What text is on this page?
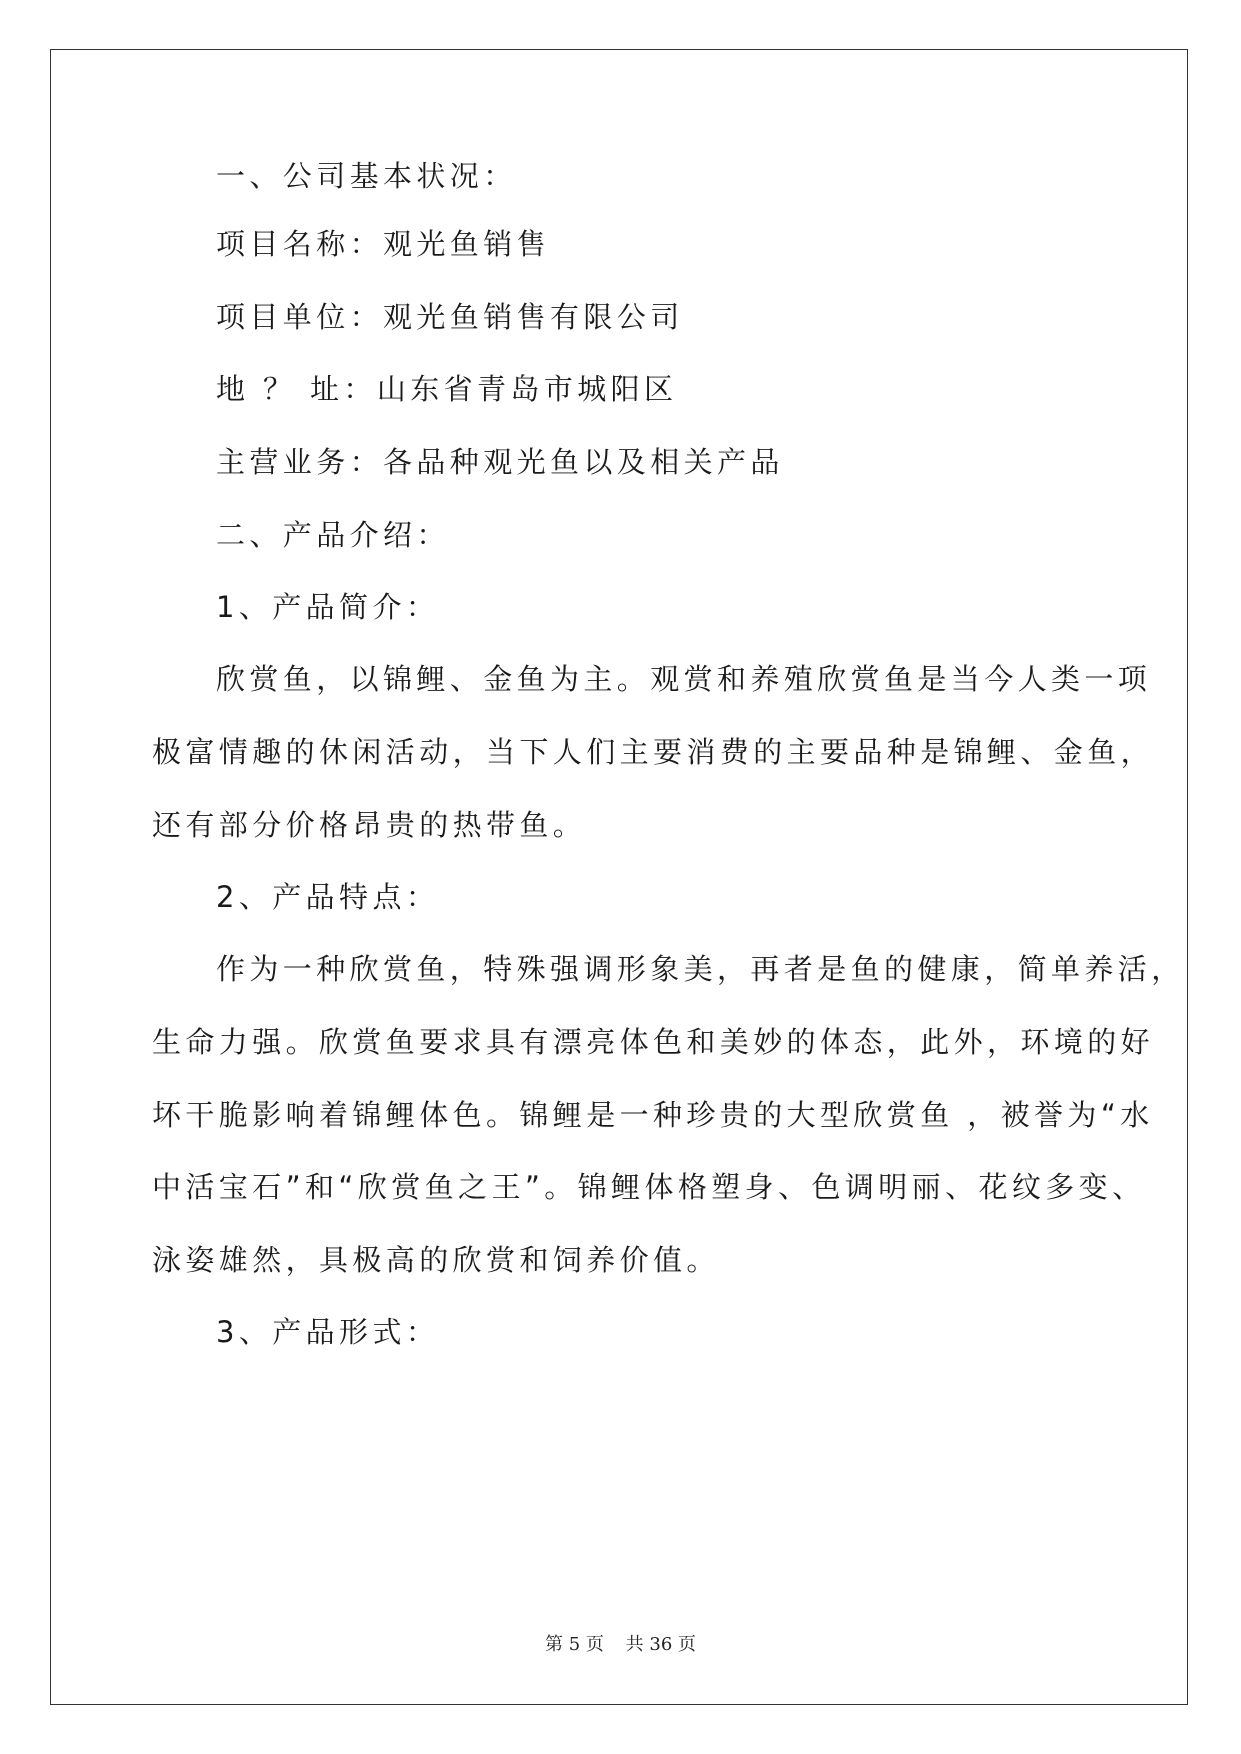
一、公司基本状况：
项目名称：观光鱼销售
项目单位：观光鱼销售有限公司
地 ？ 址：山东省青岛市城阳区
主营业务：各品种观光鱼以及相关产品
二、产品介绍：
1、产品简介：
欣赏鱼，以锦鲤、金鱼为主。观赏和养殖欣赏鱼是当今人类一项
极富情趣的休闲活动，当下人们主要消费的主要品种是锦鲤、金鱼，
还有部分价格昂贵的热带鱼。
2、产品特点：
作为一种欣赏鱼，特殊强调形象美，再者是鱼的健康，简单养活，
生命力强。欣赏鱼要求具有漂亮体色和美妙的体态，此外，环境的好
坏干脆影响着锦鲤体色。锦鲤是一种珍贵的大型欣赏鱼 ，被誉为“水
中活宝石”和“欣赏鱼之王”。锦鲤体格塑身、色调明丽、花纹多变、
泳姿雄然，具极高的欣赏和饲养价值。
3、产品形式：
第 5 页 共 36 页
